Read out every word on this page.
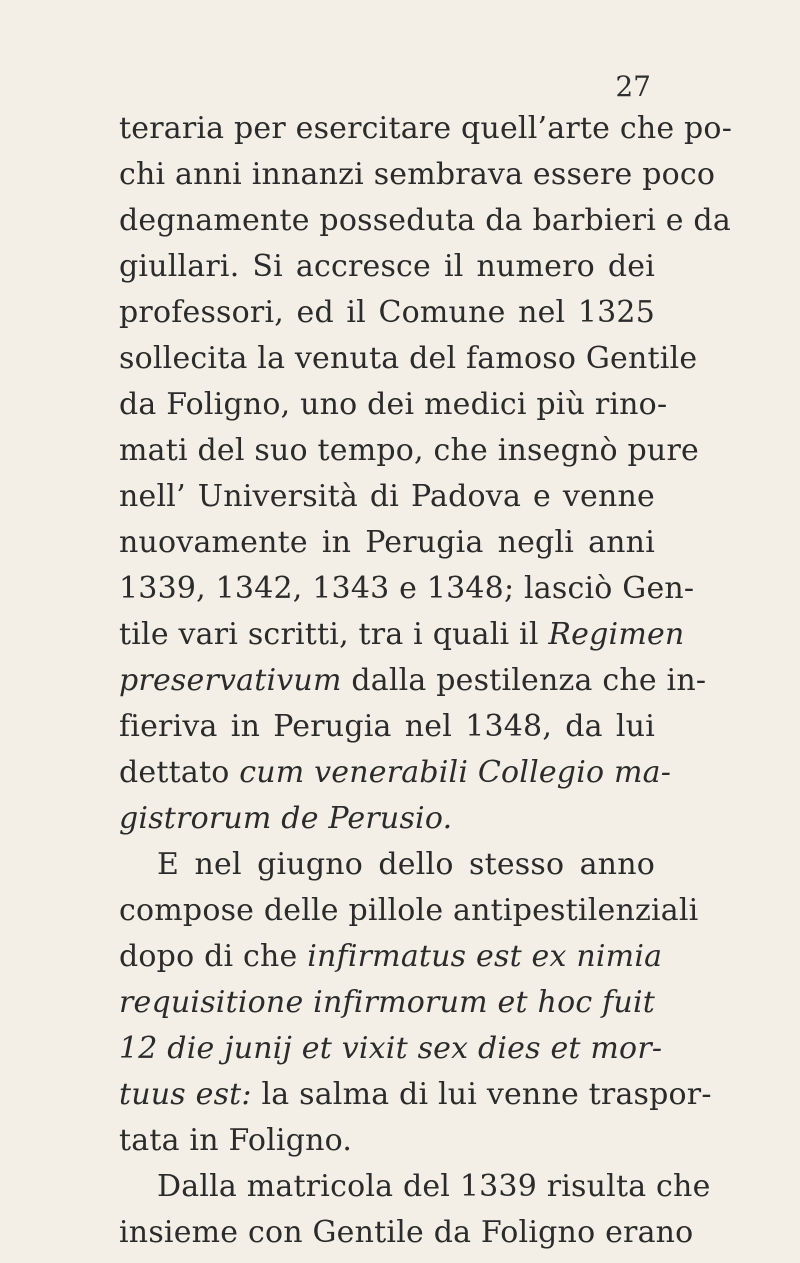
27
teraria per esercitare quell’arte che po-
chi anni innanzi sembrava essere poco
degnamente posseduta da barbieri e da
giullari. Si accresce il numero dei
professori, ed il Comune nel 1325
sollecita la venuta del famoso Gentile
da Foligno, uno dei medici più rino-
mati del suo tempo, che insegnò pure
nell’ Università di Padova e venne
nuovamente in Perugia negli anni
1339, 1342, 1343 e 1348; lasciò Gen-
tile vari scritti, tra i quali il Regimen
preservativum dalla pestilenza che in-
fieriva in Perugia nel 1348, da lui
dettato cum venerabili Collegio ma-
gistrorum de Perusio.
E nel giugno dello stesso anno
compose delle pillole antipestilenziali
dopo di che infirmatus est ex nimia
requisitione infirmorum et hoc fuit
12 die junij et vixit sex dies et mor-
tuus est: la salma di lui venne traspor-
tata in Foligno.
Dalla matricola del 1339 risulta che
insieme con Gentile da Foligno erano
